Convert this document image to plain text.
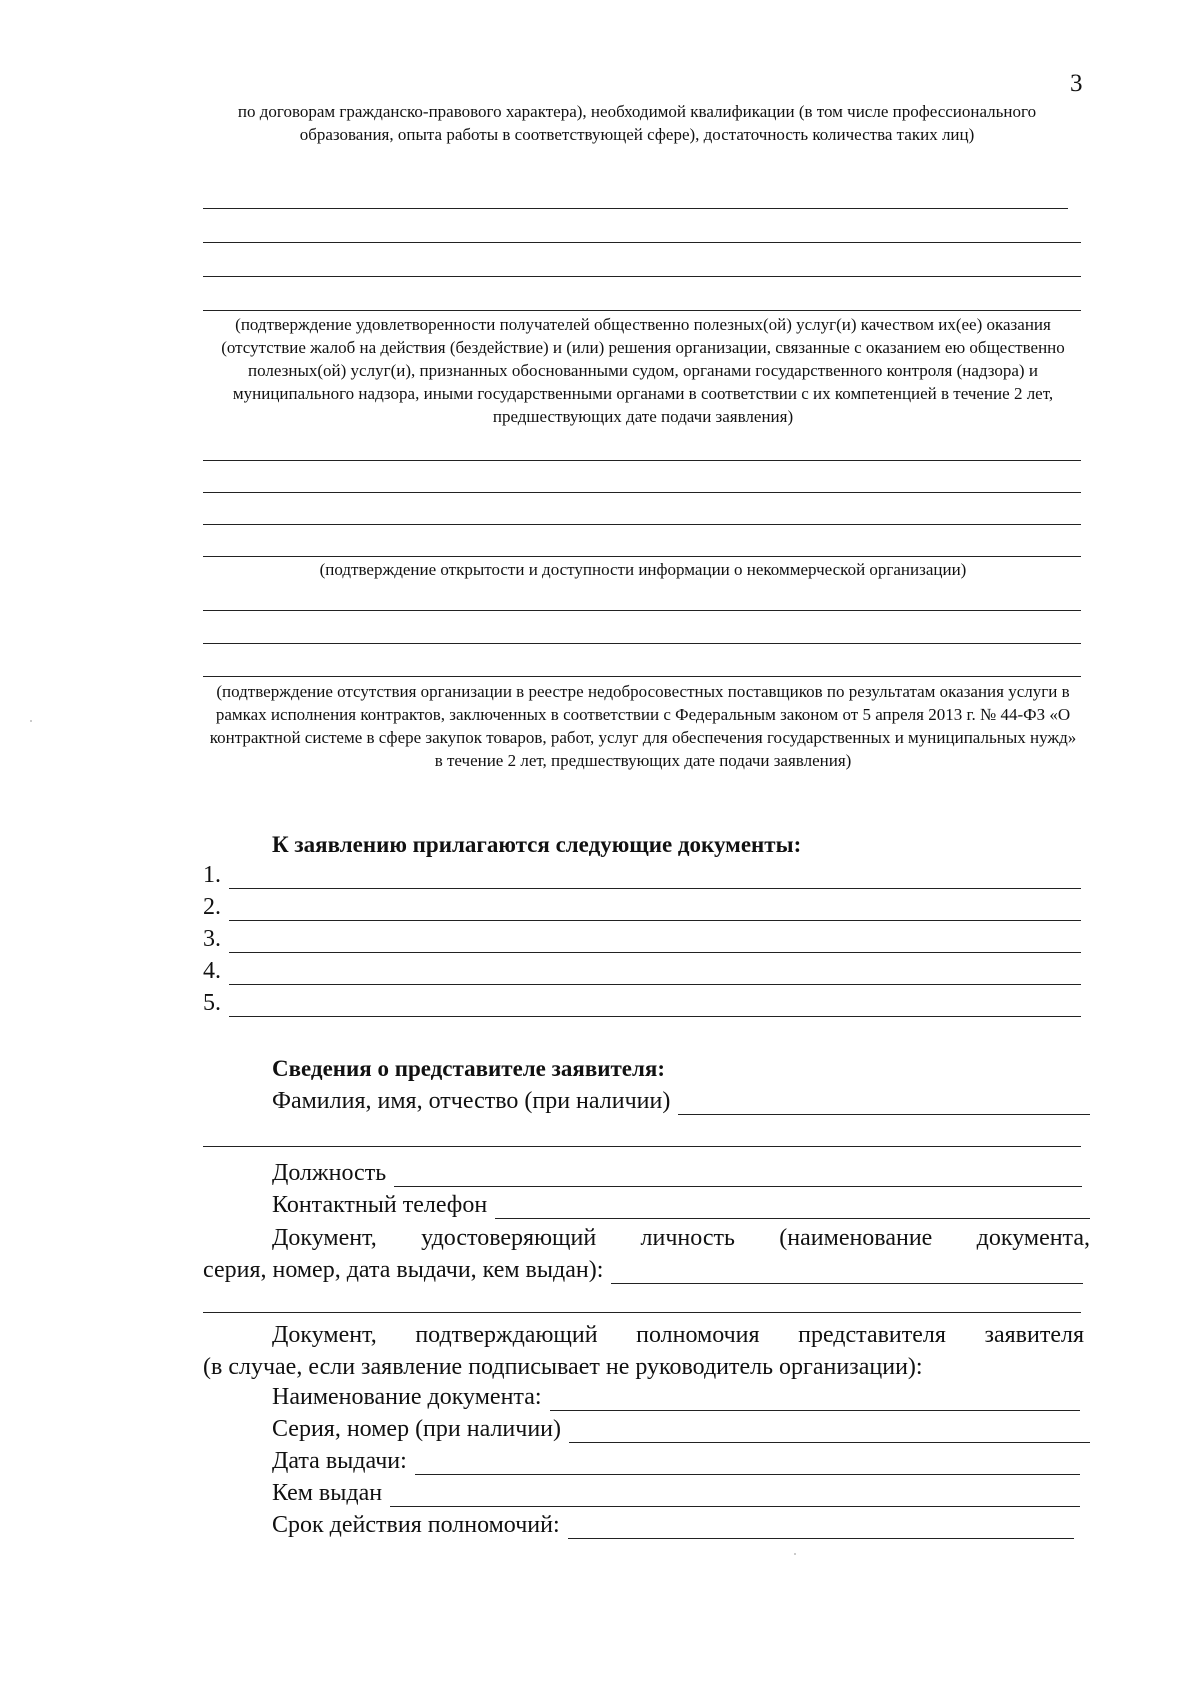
3
по договорам гражданско-правового характера), необходимой квалификации (в том числе профессионального образования, опыта работы в соответствующей сфере), достаточность количества таких лиц)
(подтверждение удовлетворенности получателей общественно полезных(ой) услуг(и) качеством их(ее) оказания (отсутствие жалоб на действия (бездействие) и (или) решения организации, связанные с оказанием ею общественно полезных(ой) услуг(и), признанных обоснованными судом, органами государственного контроля (надзора) и муниципального надзора, иными государственными органами в соответствии с их компетенцией в течение 2 лет, предшествующих дате подачи заявления)
(подтверждение открытости и доступности информации о некоммерческой организации)
(подтверждение отсутствия организации в реестре недобросовестных поставщиков по результатам оказания услуги в рамках исполнения контрактов, заключенных в соответствии с Федеральным законом от 5 апреля 2013 г. № 44-ФЗ «О контрактной системе в сфере закупок товаров, работ, услуг для обеспечения государственных и муниципальных нужд» в течение 2 лет, предшествующих дате подачи заявления)
К заявлению прилагаются следующие документы:
1.
2.
3.
4.
5.
Сведения о представителе заявителя:
Фамилия, имя, отчество (при наличии)
Должность
Контактный телефон
Документ, удостоверяющий личность (наименование документа,
серия, номер, дата выдачи, кем выдан):
Документ, подтверждающий полномочия представителя заявителя
(в случае, если заявление подписывает не руководитель организации):
Наименование документа:
Серия, номер (при наличии)
Дата выдачи:
Кем выдан
Срок действия полномочий:
